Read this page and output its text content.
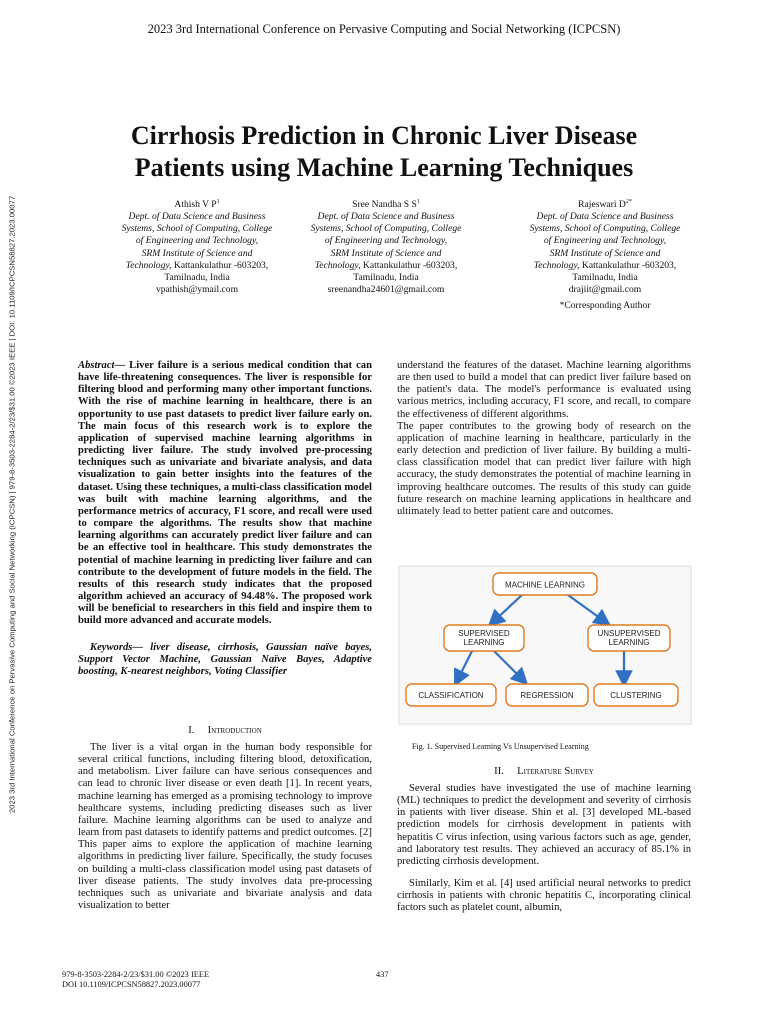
2023 3rd International Conference on Pervasive Computing and Social Networking (ICPCSN)
2023 3rd International Conference on Pervasive Computing and Social Networking (ICPCSN) | 979-8-3503-2284-2/23/$31.00 ©2023 IEEE | DOI: 10.1109/ICPCSN58827.2023.00077
Cirrhosis Prediction in Chronic Liver Disease
Patients using Machine Learning Techniques
Athish V $P^1$
Dept. of Data Science and Business
Systems, School of Computing, College
of Engineering and Technology,
SRM Institute of Science and
Technology, Kattankulathur -603203,
Tamilnadu, India
vpathish@ymail.com
Sree Nandha S $S^1$
Dept. of Data Science and Business
Systems, School of Computing, College
of Engineering and Technology,
SRM Institute of Science and
Technology, Kattankulathur -603203,
Tamilnadu, India
sreenandha24601@gmail.com
Rajeswari $D^{2*}$
Dept. of Data Science and Business
Systems, School of Computing, College
of Engineering and Technology,
SRM Institute of Science and
Technology, Kattankulathur -603203,
Tamilnadu, India
drajiit@gmail.com
*Corresponding Author
Abstract— Liver failure is a serious medical condition that can have life-threatening consequences. The liver is responsible for filtering blood and performing many other important functions. With the rise of machine learning in healthcare, there is an opportunity to use past datasets to predict liver failure early on. The main focus of this research work is to explore the application of supervised machine learning algorithms in predicting liver failure. The study involved pre-processing techniques such as univariate and bivariate analysis, and data visualization to gain better insights into the features of the dataset. Using these techniques, a multi-class classification model was built with machine learning algorithms, and the performance metrics of accuracy, F1 score, and recall were used to compare the algorithms. The results show that machine learning algorithms can accurately predict liver failure and can be an effective tool in healthcare. This study demonstrates the potential of machine learning in predicting liver failure and can contribute to the development of future models in the field. The results of this research study indicates that the proposed algorithm achieved an accuracy of 94.48%. The proposed work will be beneficial to researchers in this field and inspire them to build more advanced and accurate models.
Keywords— liver disease, cirrhosis, Gaussian naïve bayes, Support Vector Machine, Gaussian Naïve Bayes, Adaptive boosting, K-nearest neighbors, Voting Classifier
I. Introduction

The liver is a vital organ in the human body responsible for several critical functions, including filtering blood, detoxification, and metabolism. Liver failure can have serious consequences and can lead to chronic liver disease or even death [1]. In recent years, machine learning has emerged as a promising technology to improve healthcare systems, including predicting diseases such as liver failure. Machine learning algorithms can be used to analyze and learn from past datasets to identify patterns and predict outcomes. [2]

This paper aims to explore the application of machine learning algorithms in predicting liver failure. Specifically, the study focuses on building a multi-class classification model using past datasets of liver disease patients. The study involves data pre-processing techniques such as univariate and bivariate analysis and data visualization to better

understand the features of the dataset. Machine learning algorithms are then used to build a model that can predict liver failure based on the patient's data. The model's performance is evaluated using various metrics, including accuracy, F1 score, and recall, to compare the effectiveness of different algorithms.

The paper contributes to the growing body of research on the application of machine learning in healthcare, particularly in the early detection and prediction of liver failure. By building a multi-class classification model that can predict liver failure with high accuracy, the study demonstrates the potential of machine learning in improving healthcare outcomes. The results of this study can guide future research on machine learning applications in healthcare and ultimately lead to better patient care and outcomes.

MACHINE LEARNING
SUPERVISED
LEARNING
UNSUPERVISED
LEARNING
CLASSIFICATION	REGRESSION	CLUSTERING
Fig. 1. Supervised Learning Vs Unsupervised Learning
II. Literature Survey

Several studies have investigated the use of machine learning (ML) techniques to predict the development and severity of cirrhosis in patients with liver disease. Shin et al. [3] developed ML-based prediction models for cirrhosis development in patients with hepatitis C virus infection, using various factors such as age, gender, and laboratory test results. They achieved an accuracy of 85.1% in predicting cirrhosis development.

Similarly, Kim et al. [4] used artificial neural networks to predict cirrhosis in patients with chronic hepatitis C, incorporating clinical factors such as platelet count, albumin,

979-8-3503-2284-2/23/$31.00 ©2023 IEEE
DOI 10.1109/ICPCSN58827.2023.00077
437
